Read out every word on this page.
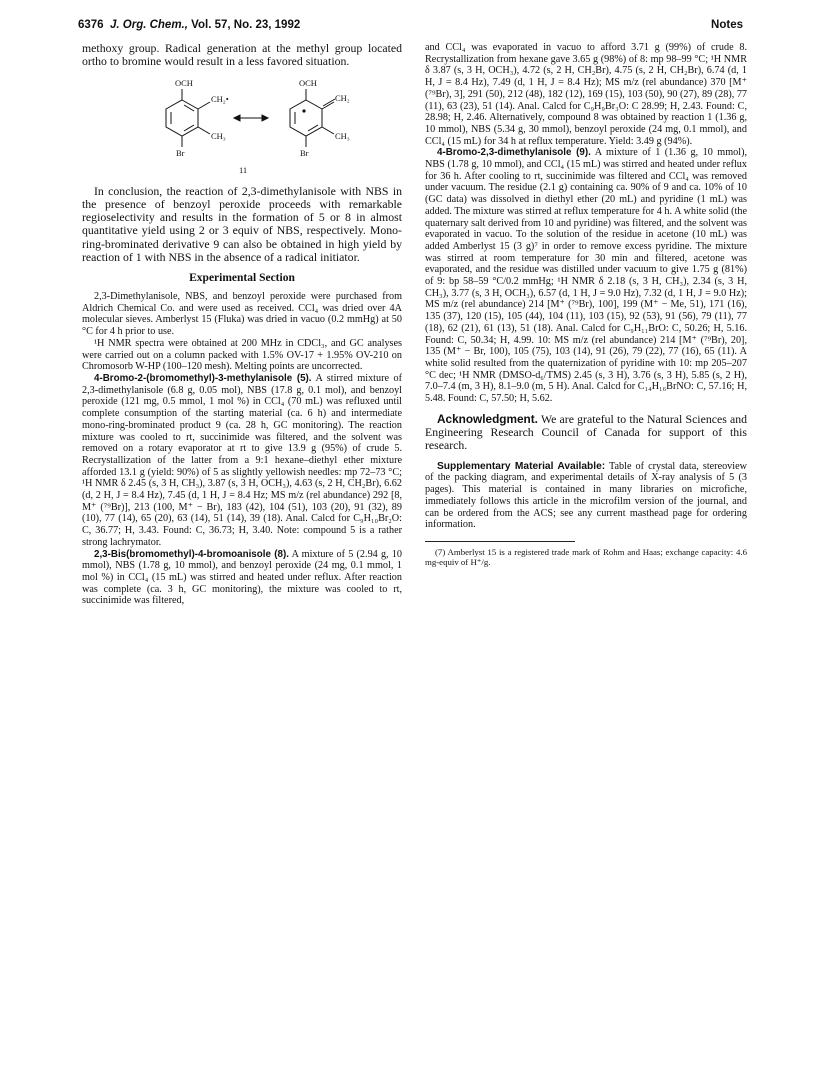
6376 J. Org. Chem., Vol. 57, No. 23, 1992	Notes

methoxy group. Radical generation at the methyl group located ortho to bromine would result in a less favored situation.

OCH
CH₂•
CH₃
Br
OCH
CH₂
CH₃
Br
11

In conclusion, the reaction of 2,3-dimethylanisole with NBS in the presence of benzoyl peroxide proceeds with remarkable regioselectivity and results in the formation of 5 or 8 in almost quantitative yield using 2 or 3 equiv of NBS, respectively. Mono-ring-brominated derivative 9 can also be obtained in high yield by reaction of 1 with NBS in the absence of a radical initiator.

Experimental Section

2,3-Dimethylanisole, NBS, and benzoyl peroxide were purchased from Aldrich Chemical Co. and were used as received. CCl₄ was dried over 4A molecular sieves. Amberlyst 15 (Fluka) was dried in vacuo (0.2 mmHg) at 50 °C for 4 h prior to use.

¹H NMR spectra were obtained at 200 MHz in CDCl₃, and GC analyses were carried out on a column packed with 1.5% OV-17 + 1.95% OV-210 on Chromosorb W-HP (100–120 mesh). Melting points are uncorrected.

4-Bromo-2-(bromomethyl)-3-methylanisole (5). A stirred mixture of 2,3-dimethylanisole (6.8 g, 0.05 mol), NBS (17.8 g, 0.1 mol), and benzoyl peroxide (121 mg, 0.5 mmol, 1 mol %) in CCl₄ (70 mL) was refluxed until complete consumption of the starting material (ca. 6 h) and intermediate mono-ring-brominated product 9 (ca. 28 h, GC monitoring). The reaction mixture was cooled to rt, succinimide was filtered, and the solvent was removed on a rotary evaporator at rt to give 13.9 g (95%) of crude 5. Recrystallization of the latter from a 9:1 hexane–diethyl ether mixture afforded 13.1 g (yield: 90%) of 5 as slightly yellowish needles: mp 72–73 °C; ¹H NMR δ 2.45 (s, 3 H, CH₃), 3.87 (s, 3 H, OCH₃), 4.63 (s, 2 H, CH₂Br), 6.62 (d, 2 H, J = 8.4 Hz), 7.45 (d, 1 H, J = 8.4 Hz; MS m/z (rel abundance) 292 [8, M⁺ (⁷⁹Br)], 213 (100, M⁺ − Br), 183 (42), 104 (51), 103 (20), 91 (32), 89 (10), 77 (14), 65 (20), 63 (14), 51 (14), 39 (18). Anal. Calcd for C₉H₁₀Br₂O: C, 36.77; H, 3.43. Found: C, 36.73; H, 3.40. Note: compound 5 is a rather strong lachrymator.

2,3-Bis(bromomethyl)-4-bromoanisole (8). A mixture of 5 (2.94 g, 10 mmol), NBS (1.78 g, 10 mmol), and benzoyl peroxide (24 mg, 0.1 mmol, 1 mol %) in CCl₄ (15 mL) was stirred and heated under reflux. After reaction was complete (ca. 3 h, GC monitoring), the mixture was cooled to rt, succinimide was filtered,

and CCl₄ was evaporated in vacuo to afford 3.71 g (99%) of crude 8. Recrystallization from hexane gave 3.65 g (98%) of 8: mp 98–99 °C; ¹H NMR δ 3.87 (s, 3 H, OCH₃), 4.72 (s, 2 H, CH₂Br), 4.75 (s, 2 H, CH₂Br), 6.74 (d, 1 H, J = 8.4 Hz), 7.49 (d, 1 H, J = 8.4 Hz); MS m/z (rel abundance) 370 [M⁺ (⁷⁹Br), 3], 291 (50), 212 (48), 182 (12), 169 (15), 103 (50), 90 (27), 89 (28), 77 (11), 63 (23), 51 (14). Anal. Calcd for C₉H₉Br₃O: C 28.99; H, 2.43. Found: C, 28.98; H, 2.46. Alternatively, compound 8 was obtained by reaction 1 (1.36 g, 10 mmol), NBS (5.34 g, 30 mmol), benzoyl peroxide (24 mg, 0.1 mmol), and CCl₄ (15 mL) for 34 h at reflux temperature. Yield: 3.49 g (94%).

4-Bromo-2,3-dimethylanisole (9). A mixture of 1 (1.36 g, 10 mmol), NBS (1.78 g, 10 mmol), and CCl₄ (15 mL) was stirred and heated under reflux for 36 h. After cooling to rt, succinimide was filtered and CCl₄ was removed under vacuum. The residue (2.1 g) containing ca. 90% of 9 and ca. 10% of 10 (GC data) was dissolved in diethyl ether (20 mL) and pyridine (1 mL) was added. The mixture was stirred at reflux temperature for 4 h. A white solid (the quaternary salt derived from 10 and pyridine) was filtered, and the solvent was evaporated in vacuo. To the solution of the residue in acetone (10 mL) was added Amberlyst 15 (3 g)⁷ in order to remove excess pyridine. The mixture was stirred at room temperature for 30 min and filtered, acetone was evaporated, and the residue was distilled under vacuum to give 1.75 g (81%) of 9: bp 58–59 °C/0.2 mmHg; ¹H NMR δ 2.18 (s, 3 H, CH₃), 2.34 (s, 3 H, CH₃), 3.77 (s, 3 H, OCH₃), 6.57 (d, 1 H, J = 9.0 Hz), 7.32 (d, 1 H, J = 9.0 Hz); MS m/z (rel abundance) 214 [M⁺ (⁷⁹Br), 100], 199 (M⁺ − Me, 51), 171 (16), 135 (37), 120 (15), 105 (44), 104 (11), 103 (15), 92 (53), 91 (56), 79 (11), 77 (18), 62 (21), 61 (13), 51 (18). Anal. Calcd for C₉H₁₁BrO: C, 50.26; H, 5.16. Found: C, 50.34; H, 4.99. 10: MS m/z (rel abundance) 214 [M⁺ (⁷⁹Br), 20], 135 (M⁺ − Br, 100), 105 (75), 103 (14), 91 (26), 79 (22), 77 (16), 65 (11). A white solid resulted from the quaternization of pyridine with 10: mp 205–207 °C dec; ¹H NMR (DMSO-d₆/TMS) 2.45 (s, 3 H), 3.76 (s, 3 H), 5.85 (s, 2 H), 7.0–7.4 (m, 3 H), 8.1–9.0 (m, 5 H). Anal. Calcd for C₁₄H₁₆BrNO: C, 57.16; H, 5.48. Found: C, 57.50; H, 5.62.

Acknowledgment. We are grateful to the Natural Sciences and Engineering Research Council of Canada for support of this research.

Supplementary Material Available: Table of crystal data, stereoview of the packing diagram, and experimental details of X-ray analysis of 5 (3 pages). This material is contained in many libraries on microfiche, immediately follows this article in the microfilm version of the journal, and can be ordered from the ACS; see any current masthead page for ordering information.

(7) Amberlyst 15 is a registered trade mark of Rohm and Haas; exchange capacity: 4.6 mg-equiv of H⁺/g.
